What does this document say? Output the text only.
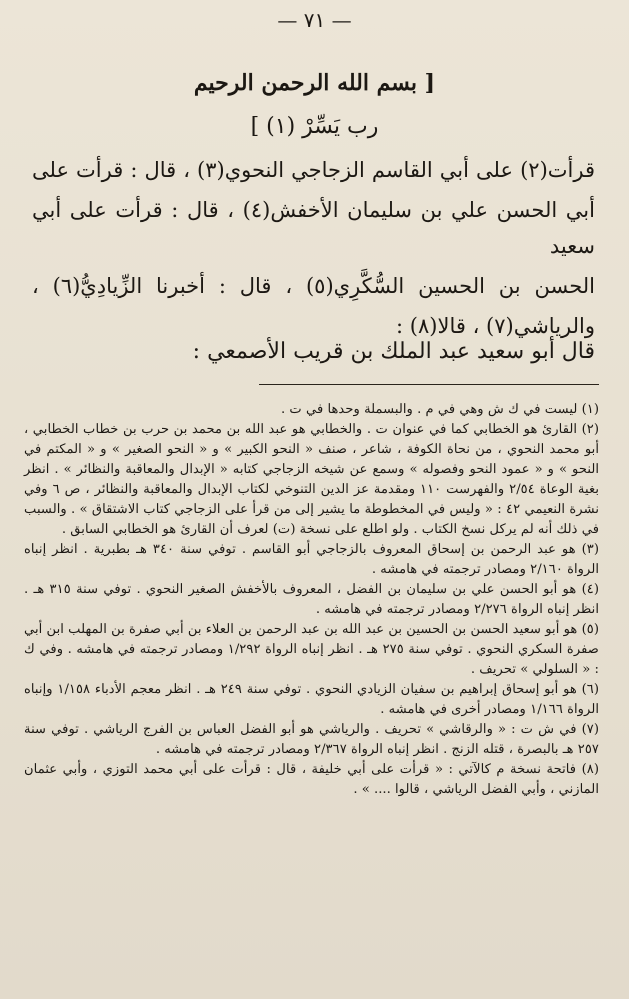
— ٧١ —
[ بسم الله الرحمن الرحيم
رب يَسِّرْ (١) ]

قرأت(٢) على أبي القاسم الزجاجي النحوي(٣) ، قال : قرأت على

أبي الحسن علي بن سليمان الأخفش(٤) ، قال : قرأت على أبي سعيد

الحسن بن الحسين السُّكَّرِي(٥) ، قال : أخبرنا الزِّيادِيُّ(٦) ،

والرياشي(٧) ، قالا(٨) :

قال أبو سعيد عبد الملك بن قريب الأصمعي :

(١) ليست في ك ش وهي في م . والبسملة وحدها في ت .

(٢) القارئ هو الخطابي كما في عنوان ت . والخطابي هو عبد الله بن محمد بن حرب بن خطاب الخطابي ، أبو محمد النحوي ، من نحاة الكوفة ، شاعر ، صنف « النحو الكبير » و « النحو الصغير » و « المكتم في النحو » و « عمود النحو وفصوله » وسمع عن شيخه الزجاجي كتابه « الإبدال والمعاقبة والنظائر » . انظر بغية الوعاة ٢/٥٤ والفهرست ١١٠ ومقدمة عز الدين التنوخي لكتاب الإبدال والمعاقبة والنظائر ، ص ٦ وفي نشرة النعيمي ٤٢ : « وليس في المخطوطة ما يشير إلى من قرأ على الزجاجي كتاب الاشتقاق » . والسبب في ذلك أنه لم يركل نسخ الكتاب . ولو اطلع على نسخة (ت) لعرف أن القارئ هو الخطابي السابق .

(٣) هو عبد الرحمن بن إسحاق المعروف بالزجاجي أبو القاسم . توفي سنة ٣٤٠ هـ بطبرية . انظر إنباه الرواة ٢/١٦٠ ومصادر ترجمته في هامشه .

(٤) هو أبو الحسن علي بن سليمان بن الفضل ، المعروف بالأخفش الصغير النحوي . توفي سنة ٣١٥ هـ . انظر إنباه الرواة ٢/٢٧٦ ومصادر ترجمته في هامشه .

(٥) هو أبو سعيد الحسن بن الحسين بن عبد الله بن عبد الرحمن بن العلاء بن أبي صفرة بن المهلب ابن أبي صفرة السكري النحوي . توفي سنة ٢٧٥ هـ . انظر إنباه الرواة ١/٢٩٢ ومصادر ترجمته في هامشه . وفي ك : « السلولي » تحريف .

(٦) هو أبو إسحاق إبراهيم بن سفيان الزيادي النحوي . توفي سنة ٢٤٩ هـ . انظر معجم الأدباء ١/١٥٨ وإنباه الرواة ١/١٦٦ ومصادر أخرى في هامشه .

(٧) في ش ت : « والرقاشي » تحريف . والرياشي هو أبو الفضل العباس بن الفرج الرياشي . توفي سنة ٢٥٧ هـ بالبصرة ، قتله الزنج . انظر إنباه الرواة ٢/٣٦٧ ومصادر ترجمته في هامشه .

(٨) فاتحة نسخة م كالآتي : « قرأت على أبي خليفة ، قال : قرأت على أبي محمد التوزي ، وأبي عثمان المازني ، وأبي الفضل الرياشي ، قالوا .... » .
